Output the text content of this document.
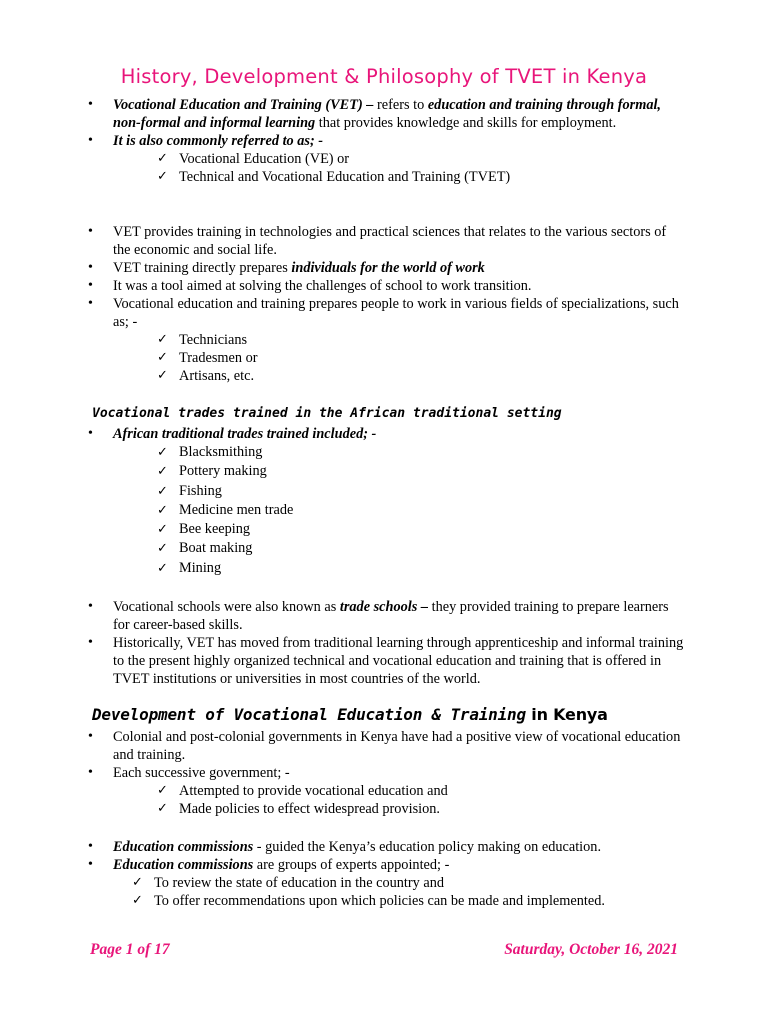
History, Development & Philosophy of TVET in Kenya

• Vocational Education and Training (VET) – refers to education and training through formal, non-formal and informal learning that provides knowledge and skills for employment.

• It is also commonly referred to as; -

✓ Vocational Education (VE) or

✓ Technical and Vocational Education and Training (TVET)

• VET provides training in technologies and practical sciences that relates to the various sectors of the economic and social life.

• VET training directly prepares individuals for the world of work

• It was a tool aimed at solving the challenges of school to work transition.

• Vocational education and training prepares people to work in various fields of specializations, such as; -

✓ Technicians

✓ Tradesmen or

✓ Artisans, etc.

Vocational trades trained in the African traditional setting

• African traditional trades trained included; -

✓ Blacksmithing

✓ Pottery making

✓ Fishing

✓ Medicine men trade

✓ Bee keeping

✓ Boat making

✓ Mining

• Vocational schools were also known as trade schools – they provided training to prepare learners for career-based skills.

• Historically, VET has moved from traditional learning through apprenticeship and informal training to the present highly organized technical and vocational education and training that is offered in TVET institutions or universities in most countries of the world.

Development of Vocational Education & Training in Kenya

• Colonial and post-colonial governments in Kenya have had a positive view of vocational education and training.

• Each successive government; -

✓ Attempted to provide vocational education and

✓ Made policies to effect widespread provision.

• Education commissions - guided the Kenya’s education policy making on education.

• Education commissions are groups of experts appointed; -

✓ To review the state of education in the country and

✓ To offer recommendations upon which policies can be made and implemented.

Page 1 of 17	Saturday, October 16, 2021
